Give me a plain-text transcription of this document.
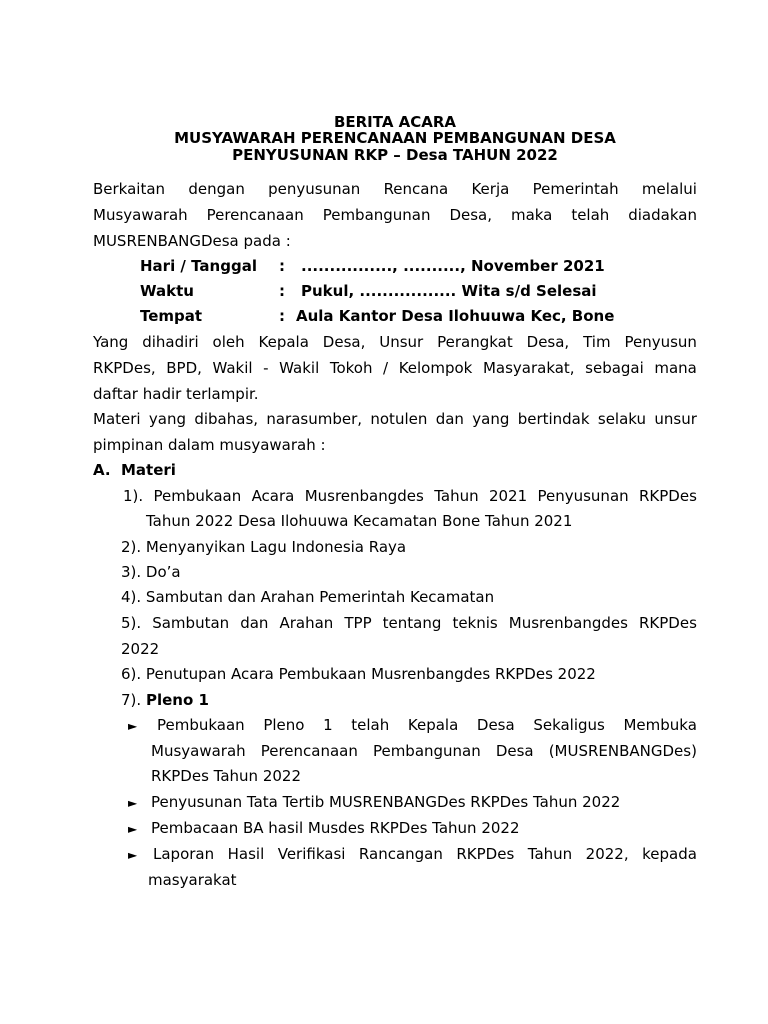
BERITA ACARA
MUSYAWARAH PERENCANAAN PEMBANGUNAN DESA
PENYUSUNAN RKP – Desa TAHUN 2022
Berkaitan dengan penyusunan Rencana Kerja Pemerintah melalui
Musyawarah Perencanaan Pembangunan Desa, maka telah diadakan
MUSRENBANGDesa pada :
Hari / Tanggal : ................, .........., November 2021
Waktu	: Pukul, ................. Wita s/d Selesai
Tempat	: Aula Kantor Desa Ilohuuwa Kec, Bone
Yang dihadiri oleh Kepala Desa, Unsur Perangkat Desa, Tim Penyusun
RKPDes, BPD, Wakil - Wakil Tokoh / Kelompok Masyarakat, sebagai mana
daftar hadir terlampir.
Materi yang dibahas, narasumber, notulen dan yang bertindak selaku unsur
pimpinan dalam musyawarah :
A. Materi
1). Pembukaan Acara Musrenbangdes Tahun 2021 Penyusunan RKPDes
Tahun 2022 Desa Ilohuuwa Kecamatan Bone Tahun 2021
2). Menyanyikan Lagu Indonesia Raya
3). Do’a
4). Sambutan dan Arahan Pemerintah Kecamatan
5). Sambutan dan Arahan TPP tentang teknis Musrenbangdes RKPDes
2022
6). Penutupan Acara Pembukaan Musrenbangdes RKPDes 2022
7). Pleno 1
► Pembukaan Pleno 1 telah Kepala Desa Sekaligus Membuka
Musyawarah Perencanaan Pembangunan Desa (MUSRENBANGDes)
RKPDes Tahun 2022
► Penyusunan Tata Tertib MUSRENBANGDes RKPDes Tahun 2022
► Pembacaan BA hasil Musdes RKPDes Tahun 2022
► Laporan Hasil Verifikasi Rancangan RKPDes Tahun 2022, kepada
masyarakat
